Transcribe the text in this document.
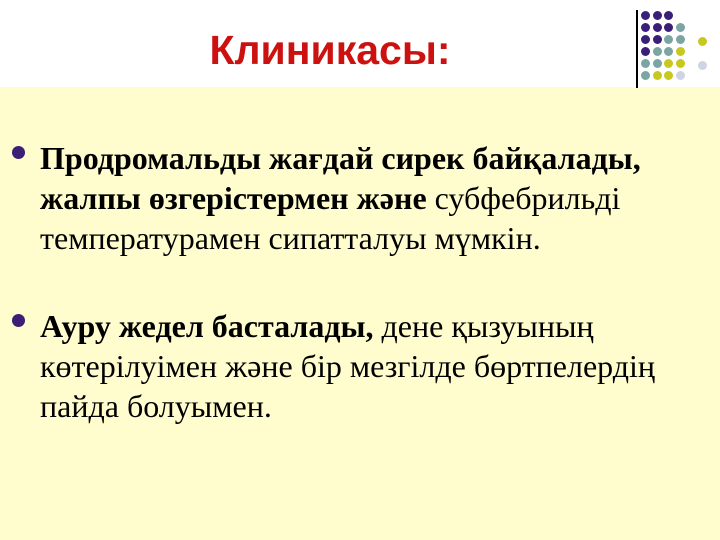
Клиникасы:
Продромальды жағдай сирек байқалады,
жалпы өзгерістермен және субфебрильді
температурамен сипатталуы мүмкін.
Ауру жедел басталады, дене қызуының
көтерілуімен және бір мезгілде бөртпелердің
пайда болуымен.
